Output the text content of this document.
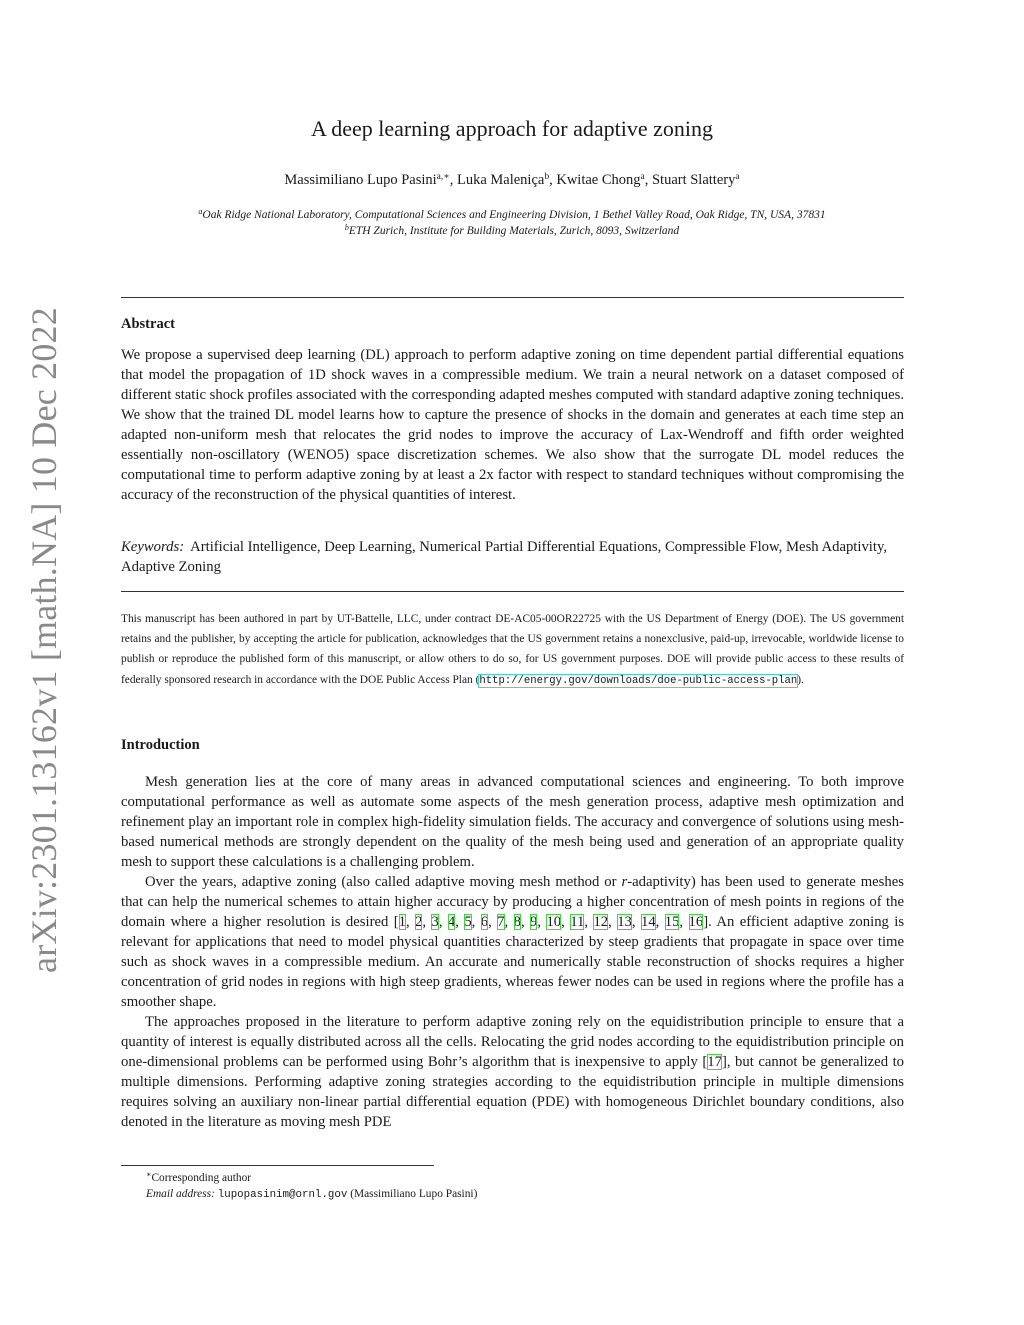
arXiv:2301.13162v1 [math.NA] 10 Dec 2022
A deep learning approach for adaptive zoning
Massimiliano Lupo Pasini$^{a,∗}$, Luka Maleniça$^b$, Kwitae Chong$^a$, Stuart Slattery$^a$
$^a$Oak Ridge National Laboratory, Computational Sciences and Engineering Division, 1 Bethel Valley Road, Oak Ridge, TN, USA, 37831
$^b$ETH Zurich, Institute for Building Materials, Zurich, 8093, Switzerland
Abstract
We propose a supervised deep learning (DL) approach to perform adaptive zoning on time dependent partial differential equations that model the propagation of 1D shock waves in a compressible medium. We train a neural network on a dataset composed of different static shock profiles associated with the corresponding adapted meshes computed with standard adaptive zoning techniques. We show that the trained DL model learns how to capture the presence of shocks in the domain and generates at each time step an adapted non-uniform mesh that relocates the grid nodes to improve the accuracy of Lax-Wendroff and fifth order weighted essentially non-oscillatory (WENO5) space discretization schemes. We also show that the surrogate DL model reduces the computational time to perform adaptive zoning by at least a 2x factor with respect to standard techniques without compromising the accuracy of the reconstruction of the physical quantities of interest.
Keywords: Artificial Intelligence, Deep Learning, Numerical Partial Differential Equations, Compressible Flow, Mesh Adaptivity, Adaptive Zoning
This manuscript has been authored in part by UT-Battelle, LLC, under contract DE-AC05-00OR22725 with the US Department of Energy (DOE). The US government retains and the publisher, by accepting the article for publication, acknowledges that the US government retains a nonexclusive, paid-up, irrevocable, worldwide license to publish or reproduce the published form of this manuscript, or allow others to do so, for US government purposes. DOE will provide public access to these results of federally sponsored research in accordance with the DOE Public Access Plan (http://energy.gov/downloads/doe-public-access-plan).
Introduction

Mesh generation lies at the core of many areas in advanced computational sciences and engineering. To both improve computational performance as well as automate some aspects of the mesh generation process, adaptive mesh optimization and refinement play an important role in complex high-fidelity simulation fields. The accuracy and convergence of solutions using mesh-based numerical methods are strongly dependent on the quality of the mesh being used and generation of an appropriate quality mesh to support these calculations is a challenging problem.

Over the years, adaptive zoning (also called adaptive moving mesh method or r-adaptivity) has been used to generate meshes that can help the numerical schemes to attain higher accuracy by producing a higher concentration of mesh points in regions of the domain where a higher resolution is desired [1, 2, 3, 4, 5, 6, 7, 8, 9, 10, 11, 12, 13, 14, 15, 16]. An efficient adaptive zoning is relevant for applications that need to model physical quantities characterized by steep gradients that propagate in space over time such as shock waves in a compressible medium. An accurate and numerically stable reconstruction of shocks requires a higher concentration of grid nodes in regions with high steep gradients, whereas fewer nodes can be used in regions where the profile has a smoother shape.

The approaches proposed in the literature to perform adaptive zoning rely on the equidistribution principle to ensure that a quantity of interest is equally distributed across all the cells. Relocating the grid nodes according to the equidistribution principle on one-dimensional problems can be performed using Bohr’s algorithm that is inexpensive to apply [17], but cannot be generalized to multiple dimensions. Performing adaptive zoning strategies according to the equidistribution principle in multiple dimensions requires solving an auxiliary non-linear partial differential equation (PDE) with homogeneous Dirichlet boundary conditions, also denoted in the literature as moving mesh PDE

∗Corresponding author
Email address: lupopasinim@ornl.gov (Massimiliano Lupo Pasini)
